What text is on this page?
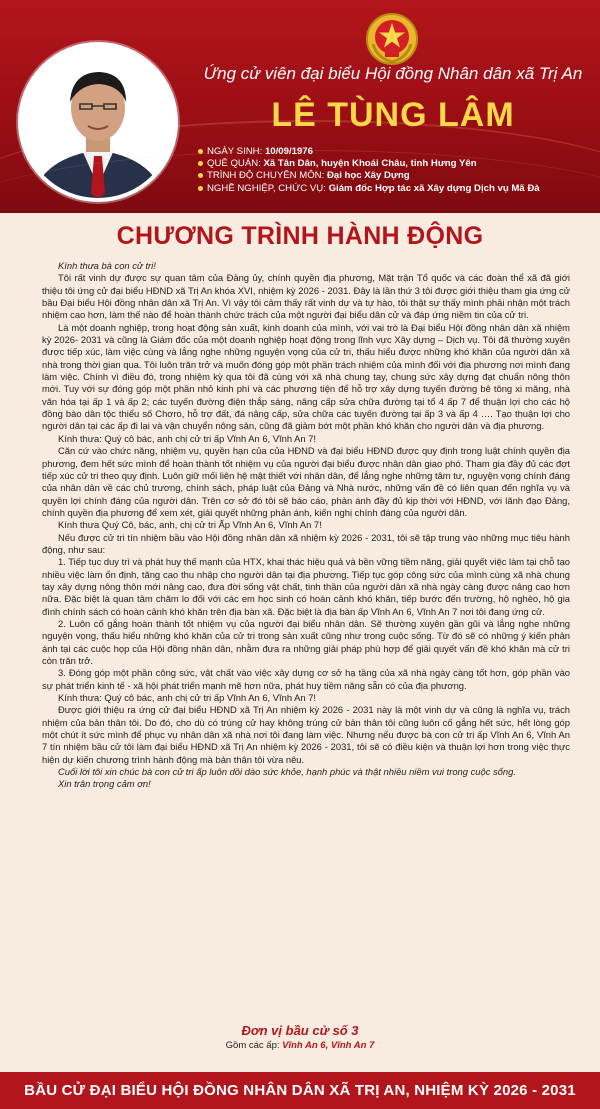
Ứng cử viên đại biểu Hội đồng Nhân dân xã Trị An
LÊ TÙNG LÂM
NGÀY SINH: 10/09/1976
QUÊ QUÁN: Xã Tân Dân, huyện Khoái Châu, tỉnh Hưng Yên
TRÌNH ĐỘ CHUYÊN MÔN: Đại học Xây Dựng
NGHỀ NGHIỆP, CHỨC VỤ: Giám đốc Hợp tác xã Xây dựng Dịch vụ Mã Đà
CHƯƠNG TRÌNH HÀNH ĐỘNG

Kính thưa bà con cử tri!

Tôi rất vinh dự được sự quan tâm của Đảng ủy, chính quyền địa phương, Mặt trận Tổ quốc và các đoàn thể xã đã giới thiệu tôi ứng cử đại biểu HĐND xã Trị An khóa XVI, nhiệm kỳ 2026 - 2031. Đây là lần thứ 3 tôi được giới thiệu tham gia ứng cử bầu Đại biểu Hội đồng nhân dân xã Trị An. Vì vậy tôi cảm thấy rất vinh dự và tự hào, tôi thật sự thấy mình phải nhận một trách nhiệm cao hơn, làm thế nào để hoàn thành chức trách của một người đại biểu dân cử và đáp ứng niềm tin của cử tri.

Là một doanh nghiệp, trong hoạt động sản xuất, kinh doanh của mình, với vai trò là Đại biểu Hội đồng nhân dân xã nhiệm kỳ 2026- 2031 và cũng là Giám đốc của một doanh nghiệp hoạt động trong lĩnh vực Xây dựng – Dịch vụ. Tôi đã thường xuyên được tiếp xúc, làm việc cùng và lắng nghe những nguyện vọng của cử tri, thấu hiểu được những khó khăn của người dân xã nhà trong thời gian qua. Tôi luôn trăn trở và muốn đóng góp một phần trách nhiệm của mình đối với địa phương nơi mình đang làm việc. Chính vì điều đó, trong nhiệm kỳ qua tôi đã cùng với xã nhà chung tay, chung sức xây dựng đạt chuẩn nông thôn mới. Tuy với sự đóng góp một phần nhỏ kinh phí và các phương tiện để hỗ trợ xây dựng tuyến đường bê tông xi măng, nhà văn hóa tại ấp 1 và ấp 2; các tuyến đường điện thắp sáng, nâng cấp sửa chữa đường tại tổ 4 ấp 7 để thuận lợi cho các hộ đồng bào dân tộc thiểu số Chơro, hỗ trợ đất, đá nâng cấp, sửa chữa các tuyến đường tại ấp 3 và ấp 4 …. Tạo thuận lợi cho người dân tại các ấp đi lại và vận chuyển nông sản, cũng đã giảm bớt một phần khó khăn cho người dân và địa phương.

Kính thưa: Quý cô bác, anh chị cử tri ấp Vĩnh An 6, Vĩnh An 7!

Căn cứ vào chức năng, nhiệm vụ, quyền hạn của của HĐND và đại biểu HĐND được quy định trong luật chính quyền địa phương, đem hết sức mình để hoàn thành tốt nhiệm vụ của người đại biểu được nhân dân giao phó. Tham gia đầy đủ các đợt tiếp xúc cử tri theo quy định. Luôn giữ mối liên hệ mật thiết với nhân dân, để lắng nghe những tâm tư, nguyện vọng chính đáng của nhân dân về các chủ trương, chính sách, pháp luật của Đảng và Nhà nước, những vấn đề có liên quan đến nghĩa vụ và quyền lợi chính đáng của người dân. Trên cơ sở đó tôi sẽ báo cáo, phản ánh đầy đủ kịp thời với HĐND, với lãnh đạo Đảng, chính quyền địa phương để xem xét, giải quyết những phản ánh, kiến nghị chính đáng của người dân.

Kính thưa Quý Cô, bác, anh, chị cử tri Ấp Vĩnh An 6, Vĩnh An 7!

Nếu được cử tri tín nhiệm bầu vào Hội đồng nhân dân xã nhiệm kỳ 2026 - 2031, tôi sẽ tập trung vào những mục tiêu hành động, như sau:

1. Tiếp tục duy trì và phát huy thế mạnh của HTX, khai thác hiệu quả và bền vững tiềm năng, giải quyết việc làm tại chỗ tạo nhiều việc làm ổn định, tăng cao thu nhập cho người dân tại địa phương. Tiếp tục góp công sức của mình cùng xã nhà chung tay xây dựng nông thôn mới nâng cao, đưa đời sống vật chất, tinh thần của người dân xã nhà ngày càng được nâng cao hơn nữa. Đặc biệt là quan tâm chăm lo đối với các em học sinh có hoàn cảnh khó khăn, tiếp bước đến trường, hộ nghèo, hộ gia đình chính sách có hoàn cảnh khó khăn trên địa bàn xã. Đặc biệt là địa bàn ấp Vĩnh An 6, Vĩnh An 7 nơi tôi đang ứng cử.

2. Luôn cố gắng hoàn thành tốt nhiệm vụ của người đại biểu nhân dân. Sẽ thường xuyên gần gũi và lắng nghe những nguyện vọng, thấu hiểu những khó khăn của cử tri trong sản xuất cũng như trong cuộc sống. Từ đó sẽ có những ý kiến phản ánh tại các cuộc họp của Hội đồng nhân dân, nhằm đưa ra những giải pháp phù hợp để giải quyết vấn đề khó khăn mà cử tri còn trăn trở.

3. Đóng góp một phần công sức, vật chất vào việc xây dựng cơ sở hạ tầng của xã nhà ngày càng tốt hơn, góp phần vào sự phát triển kinh tế - xã hội phát triển mạnh mẽ hơn nữa, phát huy tiềm năng sẵn có của địa phương.

Kính thưa: Quý cô bác, anh chị cử tri ấp Vĩnh An 6, Vĩnh An 7!

Được giới thiệu ra ứng cử đại biểu HĐND xã Trị An nhiệm kỳ 2026 - 2031 này là một vinh dự và cũng là nghĩa vụ, trách nhiệm của bản thân tôi. Do đó, cho dù có trúng cử hay không trúng cử bản thân tôi cũng luôn cố gắng hết sức, hết lòng góp một chút ít sức mình để phục vụ nhân dân xã nhà nơi tôi đang làm việc. Nhưng nếu được bà con cử tri ấp Vĩnh An 6, Vĩnh An 7 tín nhiệm bầu cử tôi làm đại biểu HĐND xã Trị An nhiệm kỳ 2026 - 2031, tôi sẽ có điều kiện và thuận lợi hơn trong việc thực hiện dự kiến chương trình hành động mà bản thân tôi vừa nêu.

Cuối lời tôi xin chúc bà con cử tri ấp luôn dồi dào sức khỏe, hạnh phúc và thật nhiều niềm vui trong cuộc sống.

Xin trân trọng cảm ơn!

Đơn vị bầu cử số 3
Gồm các ấp: Vĩnh An 6, Vĩnh An 7
BẦU CỬ ĐẠI BIỂU HỘI ĐỒNG NHÂN DÂN XÃ TRỊ AN, NHIỆM KỲ 2026 - 2031
